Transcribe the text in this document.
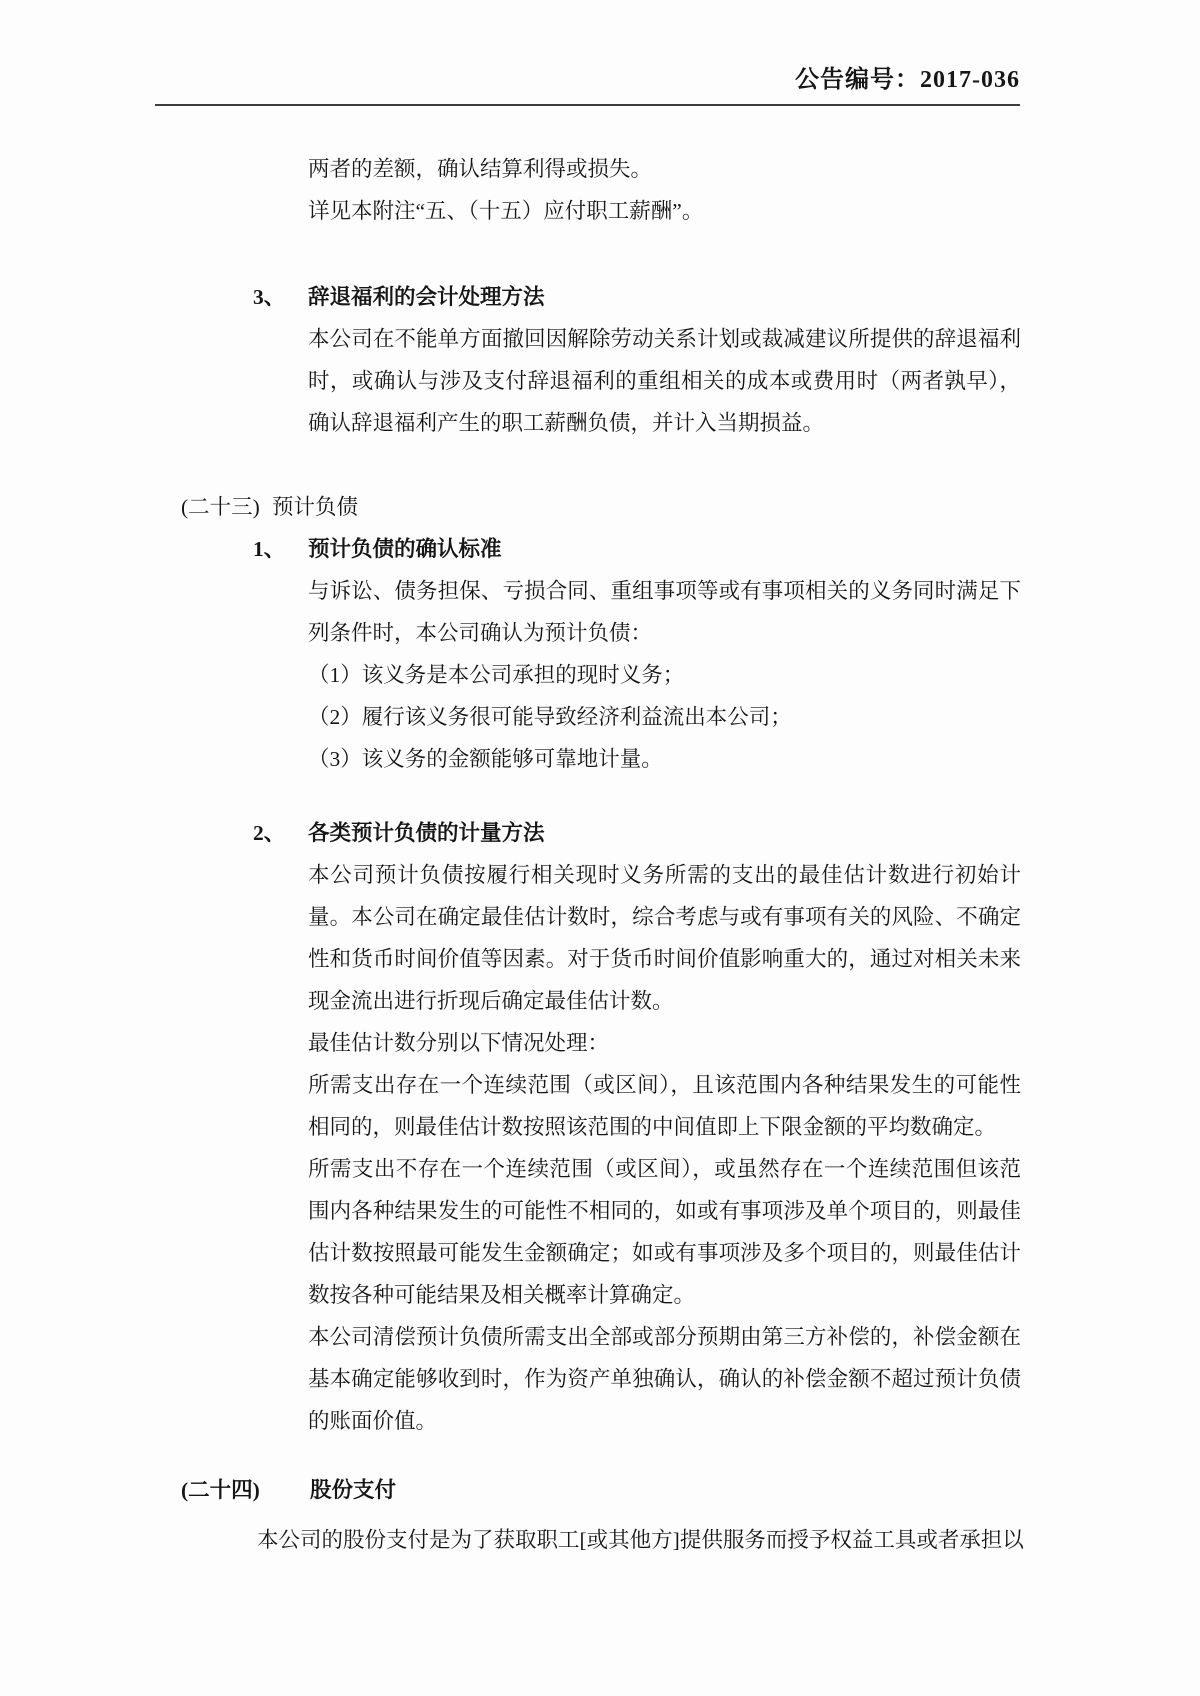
公告编号：2017-036
两者的差额，确认结算利得或损失。
详见本附注“五、（十五）应付职工薪酬”。
3、	辞退福利的会计处理方法
本公司在不能单方面撤回因解除劳动关系计划或裁减建议所提供的辞退福利时，或确认与涉及支付辞退福利的重组相关的成本或费用时（两者孰早），确认辞退福利产生的职工薪酬负债，并计入当期损益。
(二十三) 预计负债
1、	预计负债的确认标准
与诉讼、债务担保、亏损合同、重组事项等或有事项相关的义务同时满足下列条件时，本公司确认为预计负债：
（1）该义务是本公司承担的现时义务；
（2）履行该义务很可能导致经济利益流出本公司；
（3）该义务的金额能够可靠地计量。
2、	各类预计负债的计量方法
本公司预计负债按履行相关现时义务所需的支出的最佳估计数进行初始计量。本公司在确定最佳估计数时，综合考虑与或有事项有关的风险、不确定性和货币时间价值等因素。对于货币时间价值影响重大的，通过对相关未来现金流出进行折现后确定最佳估计数。
最佳估计数分别以下情况处理：
所需支出存在一个连续范围（或区间），且该范围内各种结果发生的可能性相同的，则最佳估计数按照该范围的中间值即上下限金额的平均数确定。
所需支出不存在一个连续范围（或区间），或虽然存在一个连续范围但该范围内各种结果发生的可能性不相同的，如或有事项涉及单个项目的，则最佳估计数按照最可能发生金额确定；如或有事项涉及多个项目的，则最佳估计数按各种可能结果及相关概率计算确定。
本公司清偿预计负债所需支出全部或部分预期由第三方补偿的，补偿金额在基本确定能够收到时，作为资产单独确认，确认的补偿金额不超过预计负债的账面价值。
(二十四)	股份支付
本公司的股份支付是为了获取职工[或其他方]提供服务而授予权益工具或者承担以
